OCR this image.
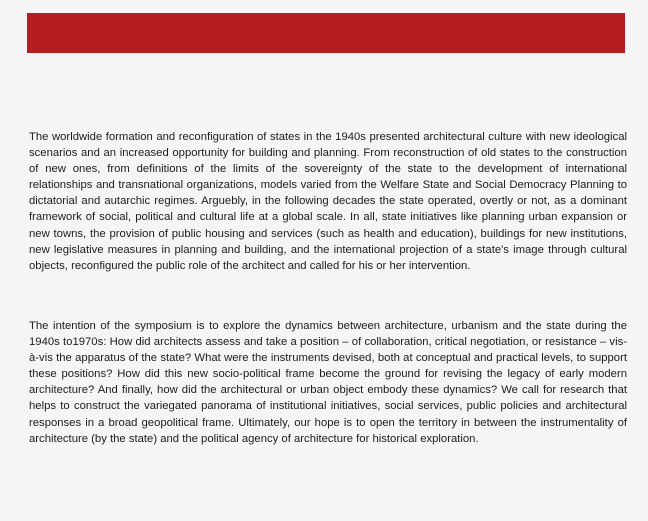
The worldwide formation and reconfiguration of states in the 1940s presented architectural culture with new ideological scenarios and an increased opportunity for building and planning. From reconstruction of old states to the construction of new ones, from definitions of the limits of the sovereignty of the state to the development of international relationships and transnational organizations, models varied from the Welfare State and Social Democracy Planning to dictatorial and autarchic regimes. Arguebly, in the following decades the state operated, overtly or not, as a dominant framework of social, political and cultural life at a global scale. In all, state initiatives like planning urban expansion or new towns, the provision of public housing and services (such as health and education), buildings for new institutions, new legislative measures in planning and building, and the international projection of a state's image through cultural objects, reconfigured the public role of the architect and called for his or her intervention.

The intention of the symposium is to explore the dynamics between architecture, urbanism and the state during the 1940s to1970s: How did architects assess and take a position – of collaboration, critical negotiation, or resistance – vis-à-vis the apparatus of the state? What were the instruments devised, both at conceptual and practical levels, to support these positions? How did this new socio-political frame become the ground for revising the legacy of early modern architecture? And finally, how did the architectural or urban object embody these dynamics? We call for research that helps to construct the variegated panorama of institutional initiatives, social services, public policies and architectural responses in a broad geopolitical frame. Ultimately, our hope is to open the territory in between the instrumentality of architecture (by the state) and the political agency of architecture for historical exploration.
